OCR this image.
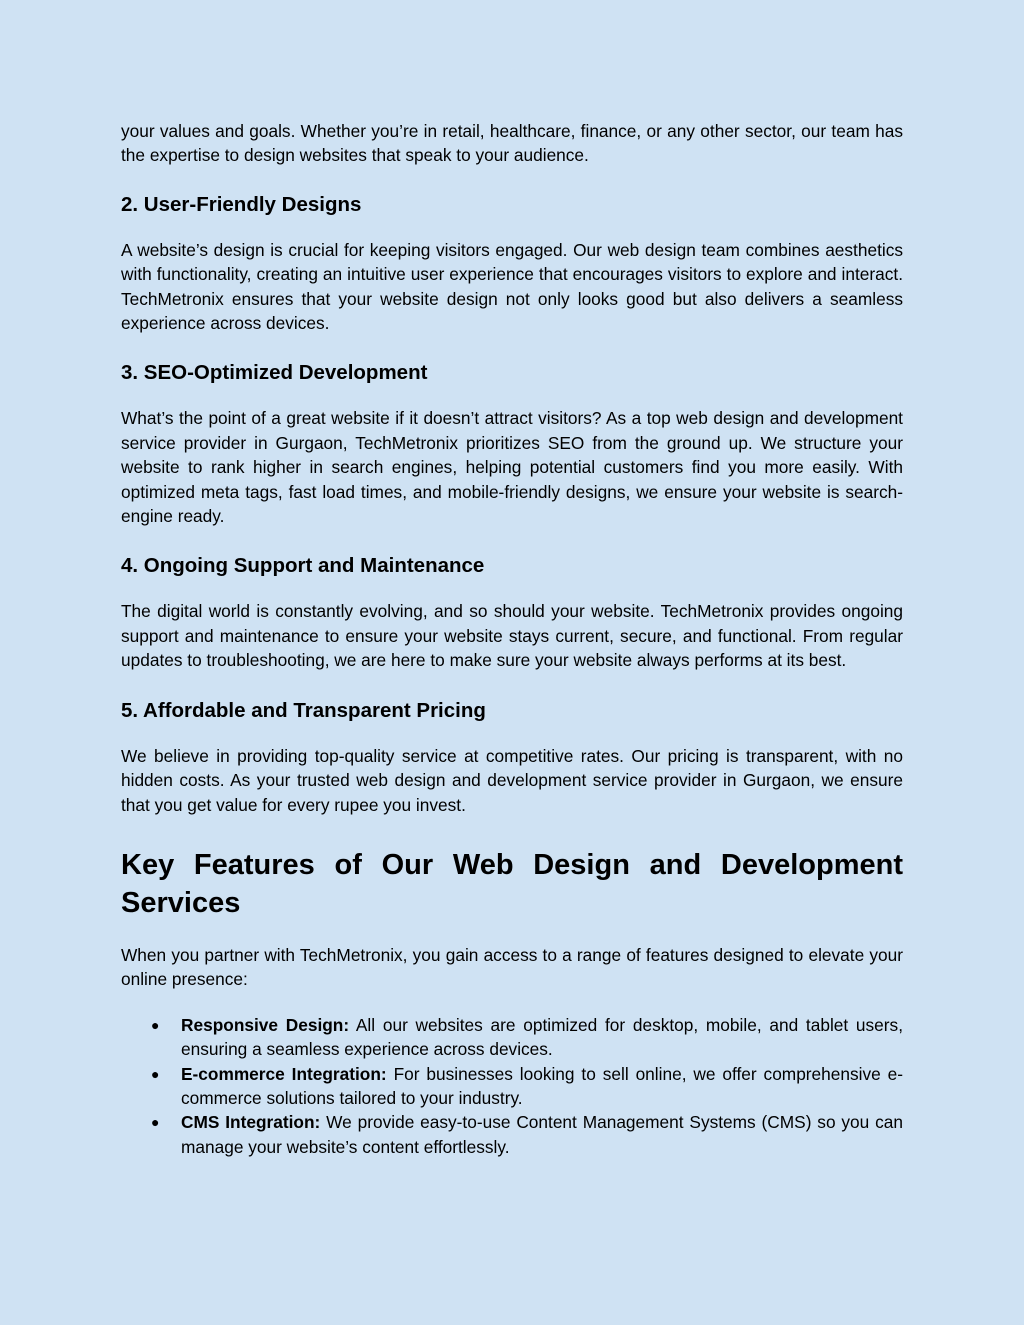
your values and goals. Whether you’re in retail, healthcare, finance, or any other sector, our team has the expertise to design websites that speak to your audience.

2. User-Friendly Designs

A website’s design is crucial for keeping visitors engaged. Our web design team combines aesthetics with functionality, creating an intuitive user experience that encourages visitors to explore and interact. TechMetronix ensures that your website design not only looks good but also delivers a seamless experience across devices.

3. SEO-Optimized Development

What’s the point of a great website if it doesn’t attract visitors? As a top web design and development service provider in Gurgaon, TechMetronix prioritizes SEO from the ground up. We structure your website to rank higher in search engines, helping potential customers find you more easily. With optimized meta tags, fast load times, and mobile-friendly designs, we ensure your website is search-engine ready.

4. Ongoing Support and Maintenance

The digital world is constantly evolving, and so should your website. TechMetronix provides ongoing support and maintenance to ensure your website stays current, secure, and functional. From regular updates to troubleshooting, we are here to make sure your website always performs at its best.

5. Affordable and Transparent Pricing

We believe in providing top-quality service at competitive rates. Our pricing is transparent, with no hidden costs. As your trusted web design and development service provider in Gurgaon, we ensure that you get value for every rupee you invest.

Key Features of Our Web Design and Development Services

When you partner with TechMetronix, you gain access to a range of features designed to elevate your online presence:

● Responsive Design: All our websites are optimized for desktop, mobile, and tablet users, ensuring a seamless experience across devices.
● E-commerce Integration: For businesses looking to sell online, we offer comprehensive e-commerce solutions tailored to your industry.
● CMS Integration: We provide easy-to-use Content Management Systems (CMS) so you can manage your website’s content effortlessly.
